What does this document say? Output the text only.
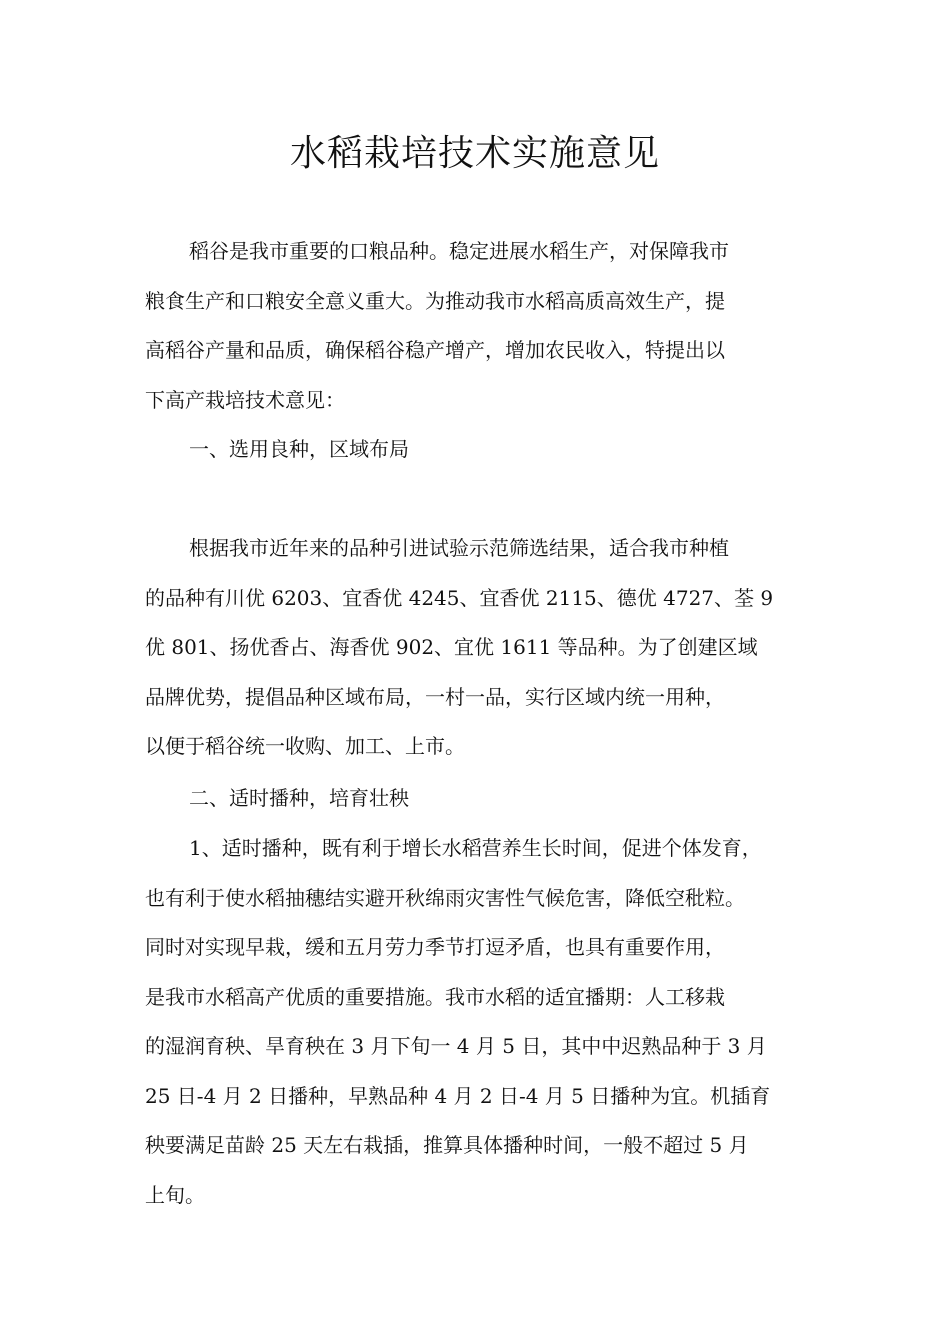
水稻栽培技术实施意见
稻谷是我市重要的口粮品种。稳定进展水稻生产，对保障我市
粮食生产和口粮安全意义重大。为推动我市水稻高质高效生产，提
高稻谷产量和品质，确保稻谷稳产增产，增加农民收入，特提出以
下高产栽培技术意见：
一、选用良种，区域布局
根据我市近年来的品种引进试验示范筛选结果，适合我市种植
的品种有川优 6203、宜香优 4245、宜香优 2115、德优 4727、荃 9
优 801、扬优香占、海香优 902、宜优 1611 等品种。为了创建区域
品牌优势，提倡品种区域布局，一村一品，实行区域内统一用种，
以便于稻谷统一收购、加工、上市。
二、适时播种，培育壮秧
1、适时播种，既有利于增长水稻营养生长时间，促进个体发育，
也有利于使水稻抽穗结实避开秋绵雨灾害性气候危害，降低空秕粒。
同时对实现早栽，缓和五月劳力季节打逗矛盾，也具有重要作用，
是我市水稻高产优质的重要措施。我市水稻的适宜播期：人工移栽
的湿润育秧、旱育秧在 3 月下旬一 4 月 5 日，其中中迟熟品种于 3 月
25 日-4 月 2 日播种，早熟品种 4 月 2 日-4 月 5 日播种为宜。机插育
秧要满足苗龄 25 天左右栽插，推算具体播种时间，一般不超过 5 月
上旬。
